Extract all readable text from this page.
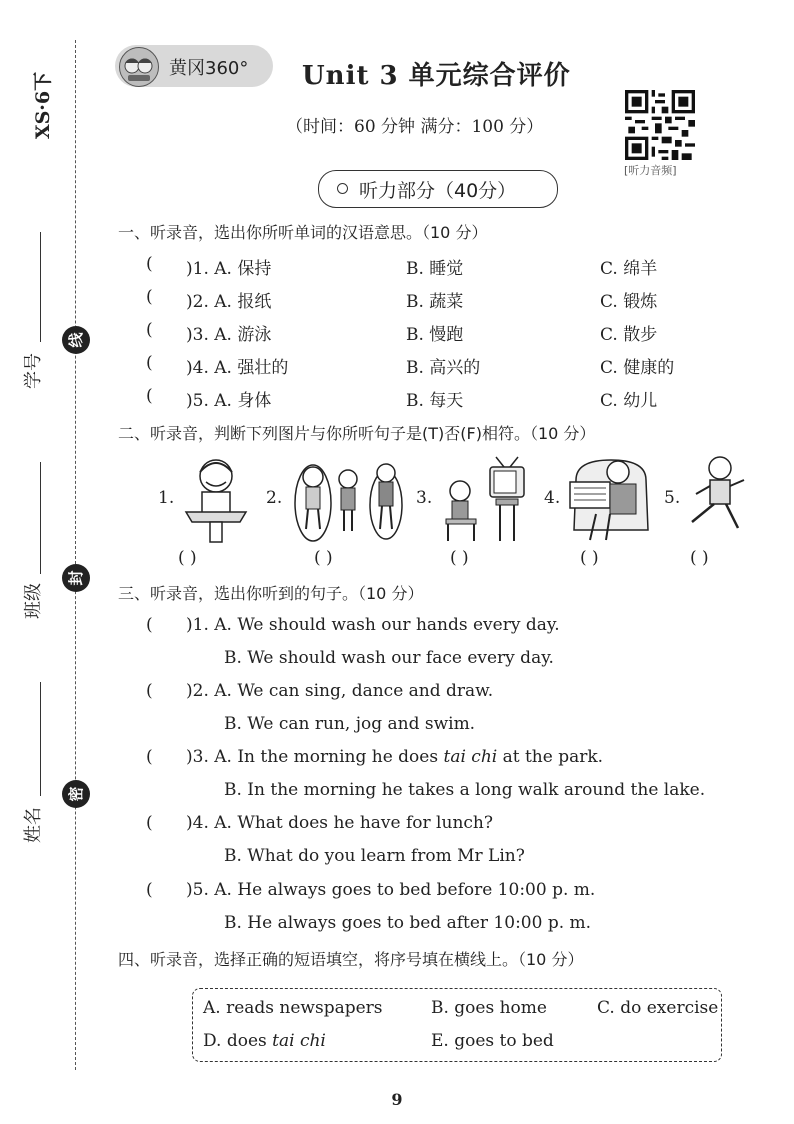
XS·6下
学号
班级
姓名
线
封
密
黄冈360° Unit 3 单元综合评价
（时间：60 分钟 满分：100 分）
[听力音频]
听力部分（40分）
一、听录音，选出你所听单词的汉语意思。（10 分）
( )1. A. 保持	B. 睡觉	C. 绵羊
( )2. A. 报纸	B. 蔬菜	C. 锻炼
( )3. A. 游泳	B. 慢跑	C. 散步
( )4. A. 强壮的	B. 高兴的	C. 健康的
( )5. A. 身体	B. 每天	C. 幼儿
二、听录音，判断下列图片与你所听句子是(T)否(F)相符。（10 分）
1.	2.	3.	4.	5.
( )	( )	( )	( )	( )
三、听录音，选出你听到的句子。（10 分）
( )1. A. We should wash our hands every day.
B. We should wash our face every day.
( )2. A. We can sing, dance and draw.
B. We can run, jog and swim.
( )3. A. In the morning he does tai chi at the park.
B. In the morning he takes a long walk around the lake.
( )4. A. What does he have for lunch?
B. What do you learn from Mr Lin?
( )5. A. He always goes to bed before 10:00 p. m.
B. He always goes to bed after 10:00 p. m.
四、听录音，选择正确的短语填空，将序号填在横线上。（10 分）
A. reads newspapers	B. goes home	C. do exercise
D. does tai chi	E. goes to bed
9
